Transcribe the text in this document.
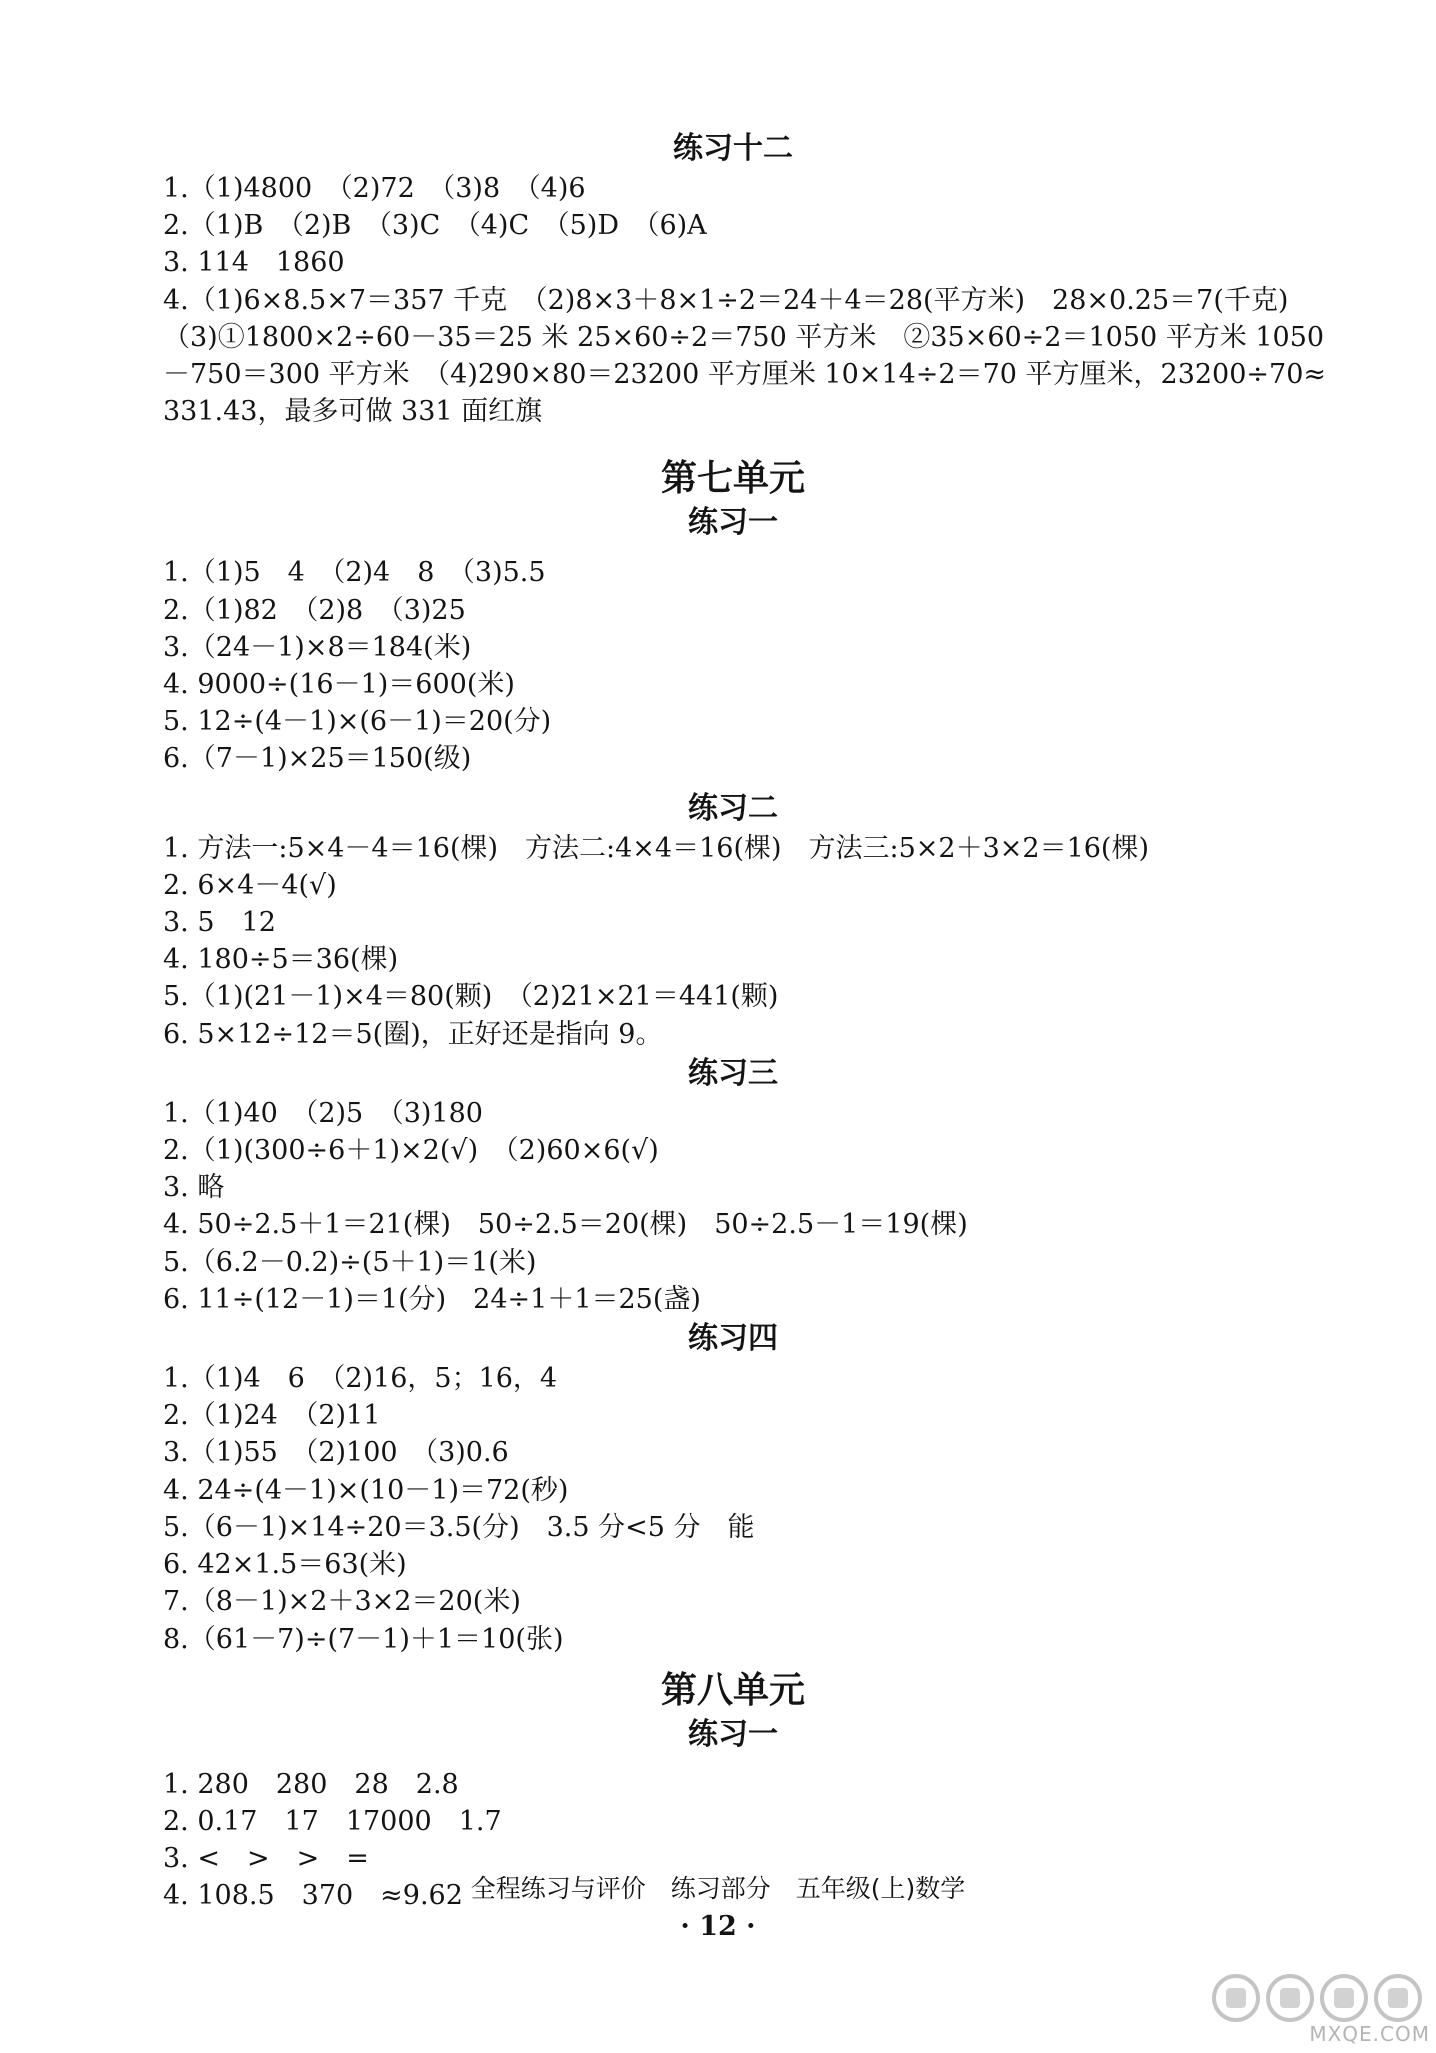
练习十二
1.（1)4800　（2)72　（3)8　（4)6
2.（1)B　（2)B　（3)C　（4)C　（5)D　（6)A
3. 114　1860
4.（1)6×8.5×7＝357 千克　（2)8×3＋8×1÷2＝24＋4＝28(平方米)　28×0.25＝7(千克)　（3)①1800×2÷60－35＝25 米 25×60÷2＝750 平方米　②35×60÷2＝1050 平方米 1050－750＝300 平方米　（4)290×80＝23200 平方厘米 10×14÷2＝70 平方厘米，23200÷70≈331.43，最多可做 331 面红旗
第七单元
练习一
1.（1)5　4　（2)4　8　（3)5.5
2.（1)82　（2)8　（3)25
3.（24－1)×8＝184(米)
4. 9000÷(16－1)＝600(米)
5. 12÷(4－1)×(6－1)＝20(分)
6.（7－1)×25＝150(级)
练习二
1. 方法一:5×4－4＝16(棵)　方法二:4×4＝16(棵)　方法三:5×2＋3×2＝16(棵)
2. 6×4－4(√)
3. 5　12
4. 180÷5＝36(棵)
5.（1)(21－1)×4＝80(颗)　（2)21×21＝441(颗)
6. 5×12÷12＝5(圈)，正好还是指向 9。
练习三
1.（1)40　（2)5　（3)180
2.（1)(300÷6＋1)×2(√)　（2)60×6(√)
3. 略
4. 50÷2.5＋1＝21(棵)　50÷2.5＝20(棵)　50÷2.5－1＝19(棵)
5.（6.2－0.2)÷(5＋1)＝1(米)
6. 11÷(12－1)＝1(分)　24÷1＋1＝25(盏)
练习四
1.（1)4　6　（2)16，5；16，4
2.（1)24　（2)11
3.（1)55　（2)100　（3)0.6
4. 24÷(4－1)×(10－1)＝72(秒)
5.（6－1)×14÷20＝3.5(分)　3.5 分<5 分　能
6. 42×1.5＝63(米)
7.（8－1)×2＋3×2＝20(米)
8.（61－7)÷(7－1)＋1＝10(张)
第八单元
练习一
1. 280　280　28　2.8
2. 0.17　17　17000　1.7
3. <　>　>　=
4. 108.5　370　≈9.62 全程练习与评价　练习部分　五年级(上)数学
· 12 ·
MXQE.COM
